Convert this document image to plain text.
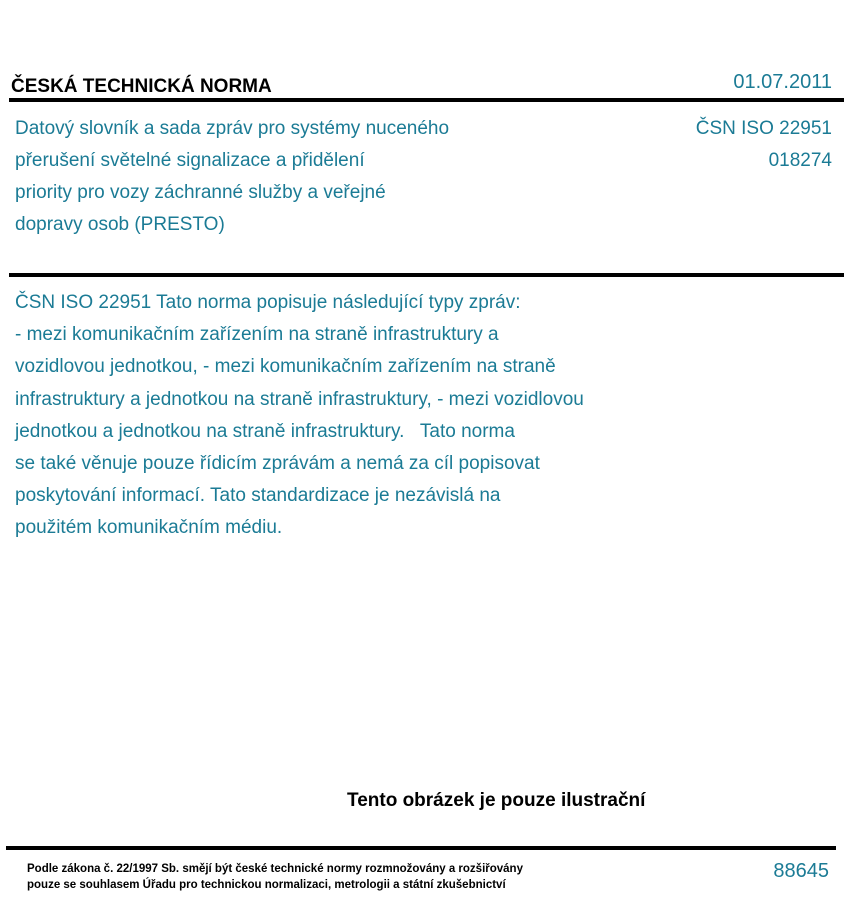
ČESKÁ TECHNICKÁ NORMA	01.07.2011
Datový slovník a sada zpráv pro systémy nuceného
přerušení světelné signalizace a přidělení
priority pro vozy záchranné služby a veřejné
dopravy osob (PRESTO)
ČSN ISO 22951
018274
ČSN ISO 22951 Tato norma popisuje následující typy zpráv:
- mezi komunikačním zařízením na straně infrastruktury a
vozidlovou jednotkou, - mezi komunikačním zařízením na straně
infrastruktury a jednotkou na straně infrastruktury, - mezi vozidlovou
jednotkou a jednotkou na straně infrastruktury.   Tato norma
se také věnuje pouze řídicím zprávám a nemá za cíl popisovat
poskytování informací. Tato standardizace je nezávislá na
použitém komunikačním médiu.
Tento obrázek je pouze ilustrační
Podle zákona č. 22/1997 Sb. smějí být české technické normy rozmnožovány a rozšiřovány
pouze se souhlasem Úřadu pro technickou normalizaci, metrologii a státní zkušebnictví
88645
